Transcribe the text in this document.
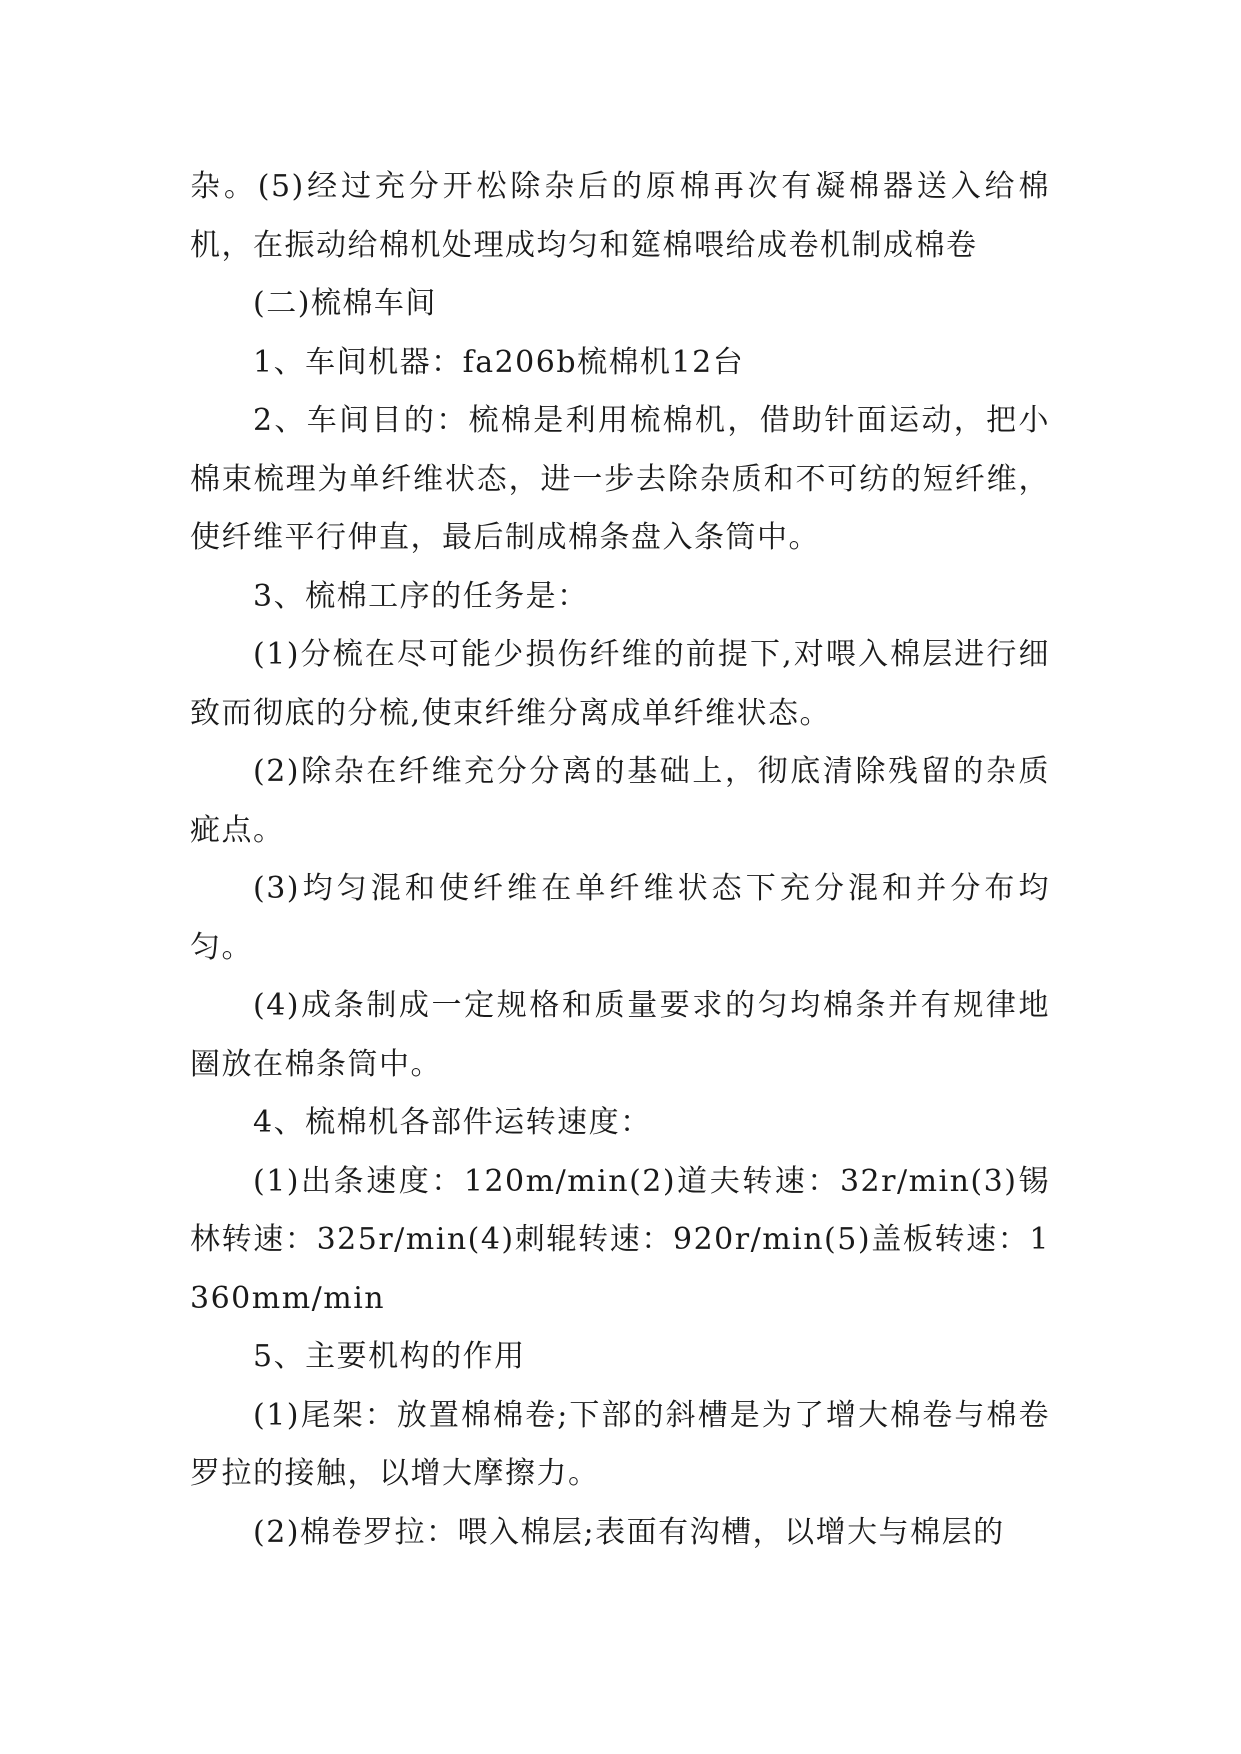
杂。(5)经过充分开松除杂后的原棉再次有凝棉器送入给棉机，在振动给棉机处理成均匀和筵棉喂给成卷机制成棉卷

(二)梳棉车间

1、车间机器：fa206b梳棉机12台

2、车间目的：梳棉是利用梳棉机，借助针面运动，把小棉束梳理为单纤维状态，进一步去除杂质和不可纺的短纤维，使纤维平行伸直，最后制成棉条盘入条筒中。

3、梳棉工序的任务是：

(1)分梳在尽可能少损伤纤维的前提下,对喂入棉层进行细致而彻底的分梳,使束纤维分离成单纤维状态。

(2)除杂在纤维充分分离的基础上，彻底清除残留的杂质疵点。

(3)均匀混和使纤维在单纤维状态下充分混和并分布均匀。

(4)成条制成一定规格和质量要求的匀均棉条并有规律地圈放在棉条筒中。

4、梳棉机各部件运转速度：

(1)出条速度：120m/min(2)道夫转速：32r/min(3)锡林转速：325r/min(4)刺辊转速：920r/min(5)盖板转速：1360mm/min

5、主要机构的作用

(1)尾架：放置棉棉卷;下部的斜槽是为了增大棉卷与棉卷罗拉的接触，以增大摩擦力。

(2)棉卷罗拉：喂入棉层;表面有沟槽，以增大与棉层的
